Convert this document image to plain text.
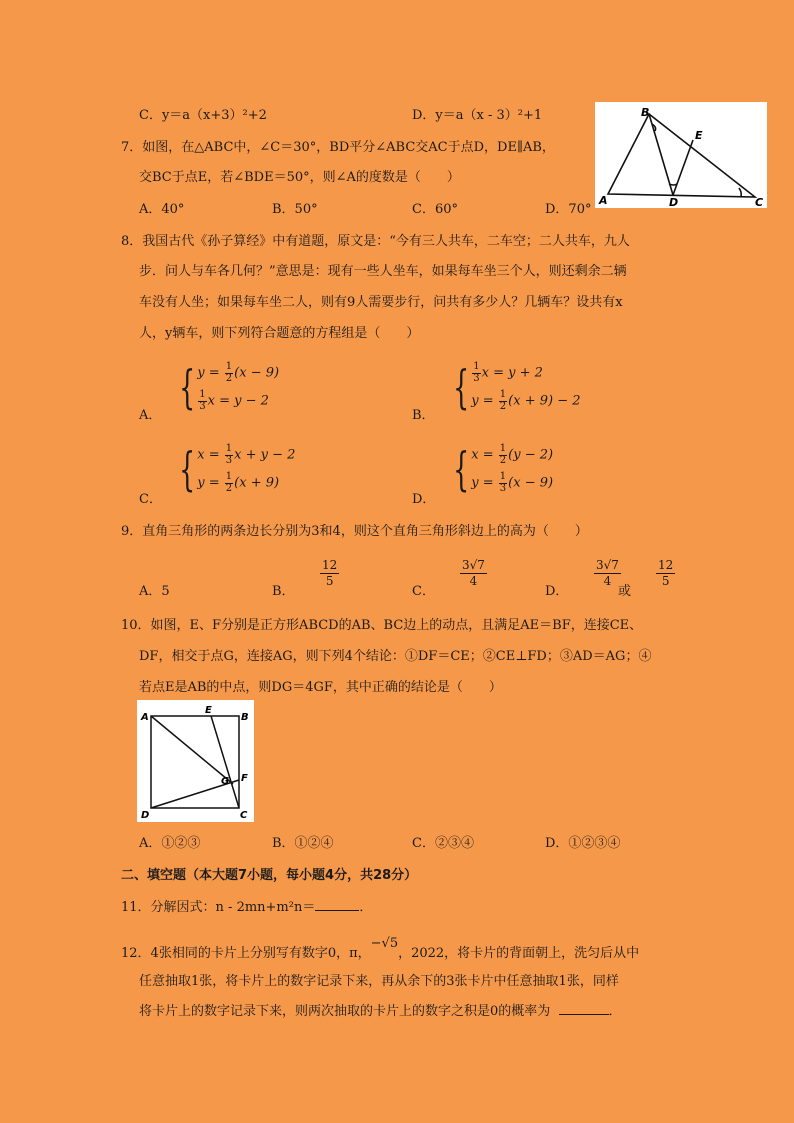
C．y＝a（x+3）²+2	D．y＝a（x - 3）²+1	B
E
A	D	C
7．如图，在△ABC中，∠C＝30°，BD平分∠ABC交AC于点D，DE∥AB，
交BC于点E，若∠BDE＝50°，则∠A的度数是（　　）
A．40°	B．50°	C．60°	D．70°
8．我国古代《孙子算经》中有道题，原文是：“今有三人共车，二车空；二人共车，九人
步．问人与车各几何？”意思是：现有一些人坐车，如果每车坐三个人，则还剩余二辆
车没有人坐；如果每车坐二人，则有9人需要步行，问共有多少人？几辆车？设共有x
人，y辆车，则下列符合题意的方程组是（　　）
A．
{ $y = \frac{1}{2} (x - 9)$
$\frac{1}{3}$ x = y − 2
B．
{ $\frac{1}{3}$ x = y + 2
$y = \frac{1}{2} (x + 9) - 2$
C．
{ $x = \frac{1}{3}$ x + y − 2
$y = \frac{1}{2} (x + 9)$
D．
{ $x = \frac{1}{2} (y - 2)$
$y = \frac{1}{3} (x - 9)$
9．直角三角形的两条边长分别为3和4，则这个直角三角形斜边上的高为（　　）
A．5	B．
12
5
C．
3√7
4
D．
3√7
4
或
12
5
10．如图，E、F分别是正方形ABCD的AB、BC边上的动点，且满足AE＝BF，连接CE、
DF，相交于点G，连接AG，则下列4个结论：①DF＝CE；②CE⊥FD；③AD＝AG；④
若点E是AB的中点，则DG＝4GF，其中正确的结论是（　　）
A
E
B
F
G
D	C
A．①②③	B．①②④	C．②③④	D．①②③④
二、填空题（本大题7小题，每小题4分，共28分）
11．分解因式：n - 2mn+m²n＝	．
12．4张相同的卡片上分别写有数字0，π，−√5，2022，将卡片的背面朝上，洗匀后从中
任意抽取1张，将卡片上的数字记录下来，再从余下的3张卡片中任意抽取1张，同样
将卡片上的数字记录下来，则两次抽取的卡片上的数字之积是0的概率为	．
